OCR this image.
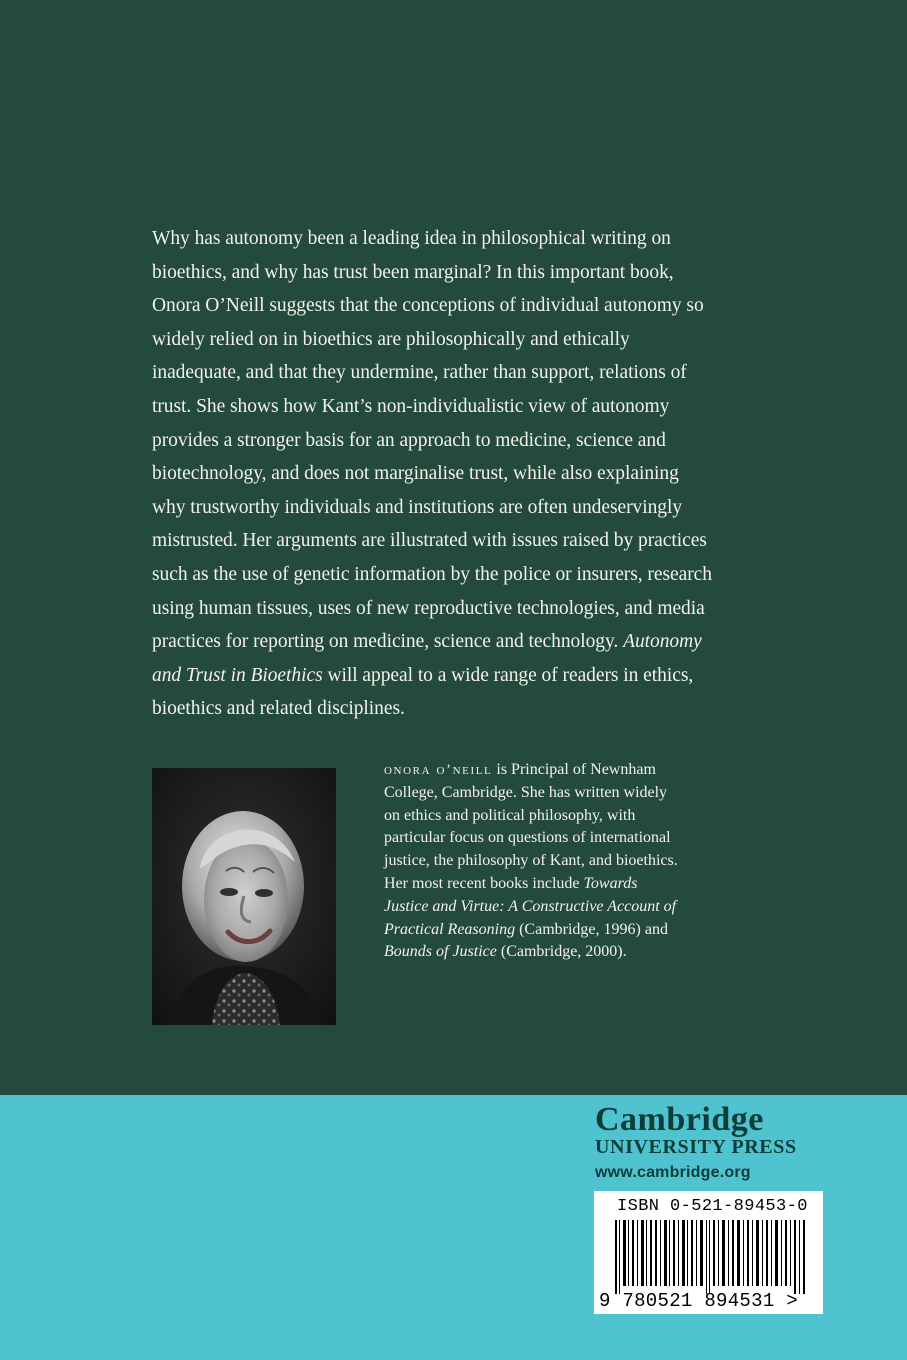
Why has autonomy been a leading idea in philosophical writing on
bioethics, and why has trust been marginal? In this important book,
Onora O’Neill suggests that the conceptions of individual autonomy so
widely relied on in bioethics are philosophically and ethically
inadequate, and that they undermine, rather than support, relations of
trust. She shows how Kant’s non-individualistic view of autonomy
provides a stronger basis for an approach to medicine, science and
biotechnology, and does not marginalise trust, while also explaining
why trustworthy individuals and institutions are often undeservingly
mistrusted. Her arguments are illustrated with issues raised by practices
such as the use of genetic information by the police or insurers, research
using human tissues, uses of new reproductive technologies, and media
practices for reporting on medicine, science and technology. Autonomy
and Trust in Bioethics will appeal to a wide range of readers in ethics,
bioethics and related disciplines.
onora o’neill is Principal of Newnham
College, Cambridge. She has written widely
on ethics and political philosophy, with
particular focus on questions of international
justice, the philosophy of Kant, and bioethics.
Her most recent books include Towards
Justice and Virtue: A Constructive Account of
Practical Reasoning (Cambridge, 1996) and
Bounds of Justice (Cambridge, 2000).
Cambridge
UNIVERSITY PRESS
www.cambridge.org
ISBN 0-521-89453-0
9 780521 894531 >
